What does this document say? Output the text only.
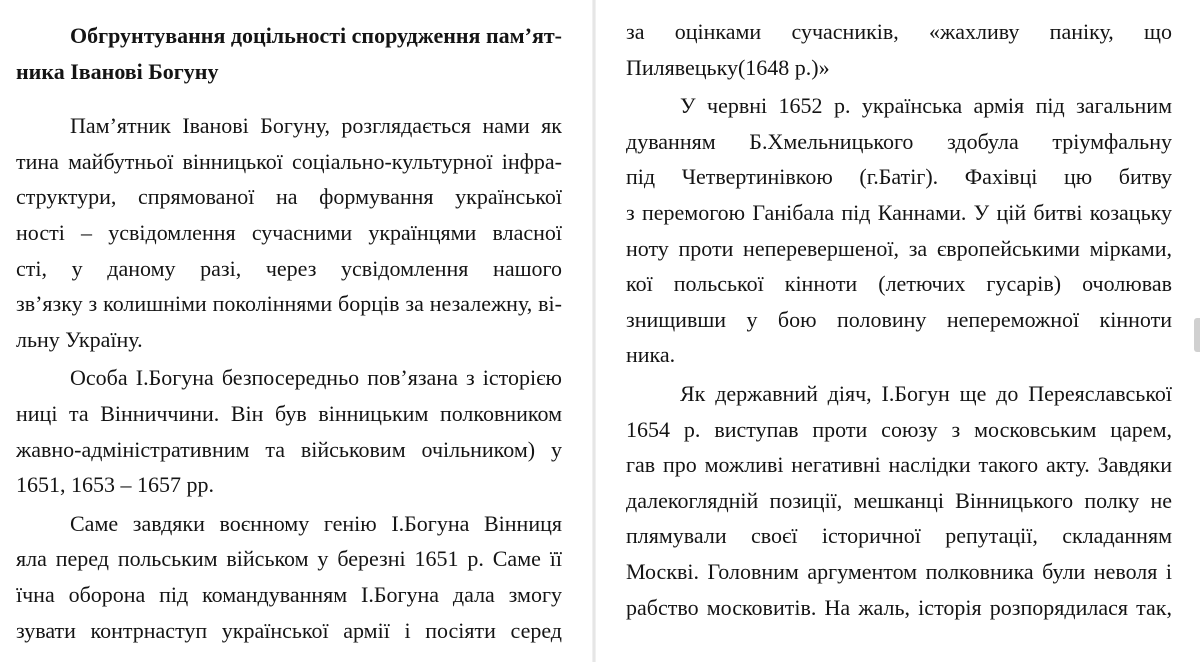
Обгрунтування доцільності спорудження пам’ят-
ника Іванові Богуну
Пам’ятник Іванові Богуну, розглядається нами як
тина майбутньої вінницької соціально-культурної інфра-
структури, спрямованої на формування української
ності – усвідомлення сучасними українцями власної
сті, у даному разі, через усвідомлення нашого
зв’язку з колишніми поколіннями борців за незалежну, ві-
льну Україну.
Особа І.Богуна безпосередньо пов’язана з історією
ниці та Вінниччини. Він був вінницьким полковником
жавно-адміністративним та військовим очільником) у
1651, 1653 – 1657 рр.
Саме завдяки воєнному генію І.Богуна Вінниця
яла перед польським військом у березні 1651 р. Саме її
їчна оборона під командуванням І.Богуна дала змогу
зувати контрнаступ української армії і посіяти серед
за оцінками сучасників, «жахливу паніку, що
Пилявецьку(1648 р.)»
У червні 1652 р. українська армія під загальним
дуванням Б.Хмельницького здобула тріумфальну
під Четвертинівкою (г.Батіг). Фахівці цю битву
з перемогою Ганібала під Каннами. У цій битві козацьку
ноту проти неперевершеної, за європейськими мірками,
кої польської кінноти (летючих гусарів) очолював
знищивши у бою половину непереможної кінноти
ника.
Як державний діяч, І.Богун ще до Переяславської
1654 р. виступав проти союзу з московським царем,
гав про можливі негативні наслідки такого акту. Завдяки
далекоглядній позиції, мешканці Вінницького полку не
плямували своєї історичної репутації, складанням
Москві. Головним аргументом полковника були неволя і
рабство московитів. На жаль, історія розпорядилася так,
